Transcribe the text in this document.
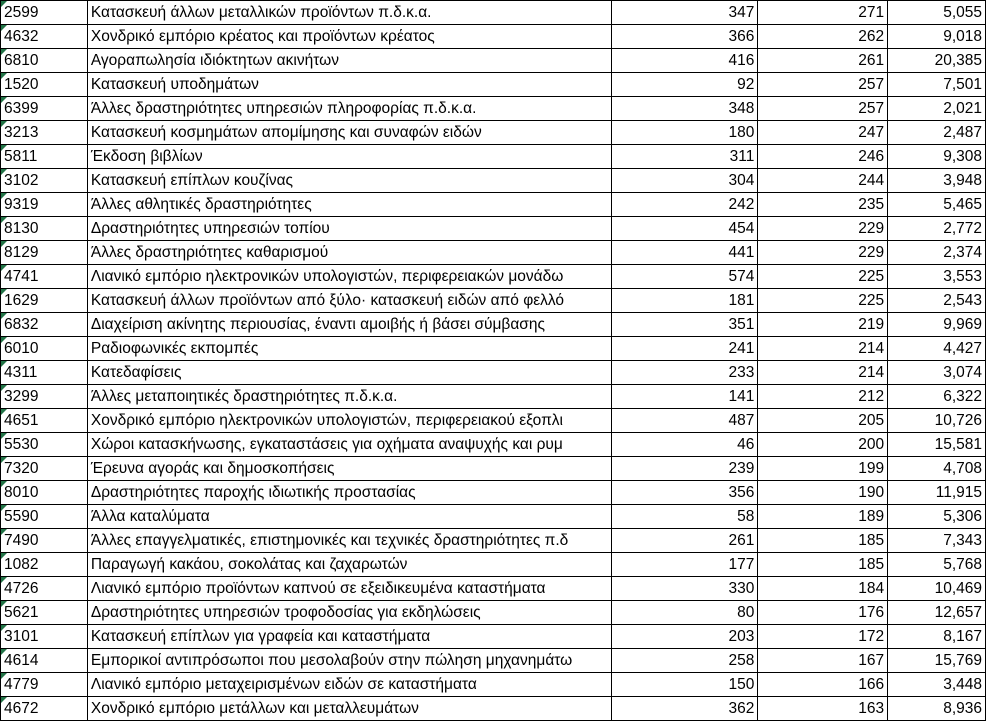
2599	Κατασκευή άλλων μεταλλικών προϊόντων π.δ.κ.α.	347	271	5,055

4632	Χονδρικό εμπόριο κρέατος και προϊόντων κρέατος	366	262	9,018

6810	Αγοραπωλησία ιδιόκτητων ακινήτων	416	261	20,385

1520	Κατασκευή υποδημάτων	92	257	7,501

6399	Άλλες δραστηριότητες υπηρεσιών πληροφορίας π.δ.κ.α.	348	257	2,021

3213	Κατασκευή κοσμημάτων απομίμησης και συναφών ειδών	180	247	2,487

5811	Έκδοση βιβλίων	311	246	9,308

3102	Κατασκευή επίπλων κουζίνας	304	244	3,948

9319	Άλλες αθλητικές δραστηριότητες	242	235	5,465

8130	Δραστηριότητες υπηρεσιών τοπίου	454	229	2,772

8129	Άλλες δραστηριότητες καθαρισμού	441	229	2,374

4741	Λιανικό εμπόριο ηλεκτρονικών υπολογιστών, περιφερειακών μονάδω	574	225	3,553

1629	Κατασκευή άλλων προϊόντων από ξύλο· κατασκευή ειδών από φελλό	181	225	2,543

6832	Διαχείριση ακίνητης περιουσίας, έναντι αμοιβής ή βάσει σύμβασης	351	219	9,969

6010	Ραδιοφωνικές εκπομπές	241	214	4,427

4311	Κατεδαφίσεις	233	214	3,074

3299	Άλλες μεταποιητικές δραστηριότητες π.δ.κ.α.	141	212	6,322

4651	Χονδρικό εμπόριο ηλεκτρονικών υπολογιστών, περιφερειακού εξοπλι	487	205	10,726

5530	Χώροι κατασκήνωσης, εγκαταστάσεις για οχήματα αναψυχής και ρυμ	46	200	15,581

7320	Έρευνα αγοράς και δημοσκοπήσεις	239	199	4,708

8010	Δραστηριότητες παροχής ιδιωτικής προστασίας	356	190	11,915

5590	Άλλα καταλύματα	58	189	5,306

7490	Άλλες επαγγελματικές, επιστημονικές και τεχνικές δραστηριότητες π.δ	261	185	7,343

1082	Παραγωγή κακάου, σοκολάτας και ζαχαρωτών	177	185	5,768

4726	Λιανικό εμπόριο προϊόντων καπνού σε εξειδικευμένα καταστήματα	330	184	10,469

5621	Δραστηριότητες υπηρεσιών τροφοδοσίας για εκδηλώσεις	80	176	12,657

3101	Κατασκευή επίπλων για γραφεία και καταστήματα	203	172	8,167

4614	Εμπορικοί αντιπρόσωποι που μεσολαβούν στην πώληση μηχανημάτω	258	167	15,769

4779	Λιανικό εμπόριο μεταχειρισμένων ειδών σε καταστήματα	150	166	3,448

4672	Χονδρικό εμπόριο μετάλλων και μεταλλευμάτων	362	163	8,936
